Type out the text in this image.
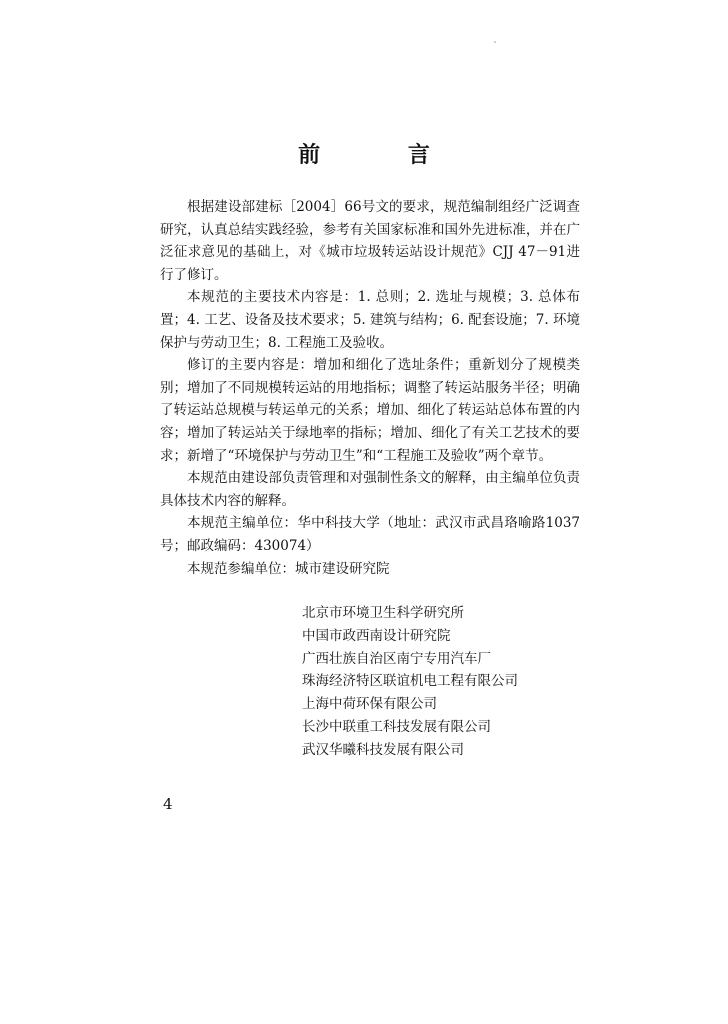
前 言

根据建设部建标［2004］66号文的要求，规范编制组经广泛调查研究，认真总结实践经验，参考有关国家标准和国外先进标准，并在广泛征求意见的基础上，对《城市垃圾转运站设计规范》CJJ 47－91进行了修订。

本规范的主要技术内容是：1. 总则；2. 选址与规模；3. 总体布置；4. 工艺、设备及技术要求；5. 建筑与结构；6. 配套设施；7. 环境保护与劳动卫生；8. 工程施工及验收。

修订的主要内容是：增加和细化了选址条件；重新划分了规模类别；增加了不同规模转运站的用地指标；调整了转运站服务半径；明确了转运站总规模与转运单元的关系；增加、细化了转运站总体布置的内容；增加了转运站关于绿地率的指标；增加、细化了有关工艺技术的要求；新增了“环境保护与劳动卫生”和“工程施工及验收”两个章节。

本规范由建设部负责管理和对强制性条文的解释，由主编单位负责具体技术内容的解释。

本规范主编单位：华中科技大学（地址：武汉市武昌珞喻路1037号；邮政编码：430074）

本规范参编单位：城市建设研究院
北京市环境卫生科学研究所
中国市政西南设计研究院
广西壮族自治区南宁专用汽车厂
珠海经济特区联谊机电工程有限公司
上海中荷环保有限公司
长沙中联重工科技发展有限公司
武汉华曦科技发展有限公司
4
